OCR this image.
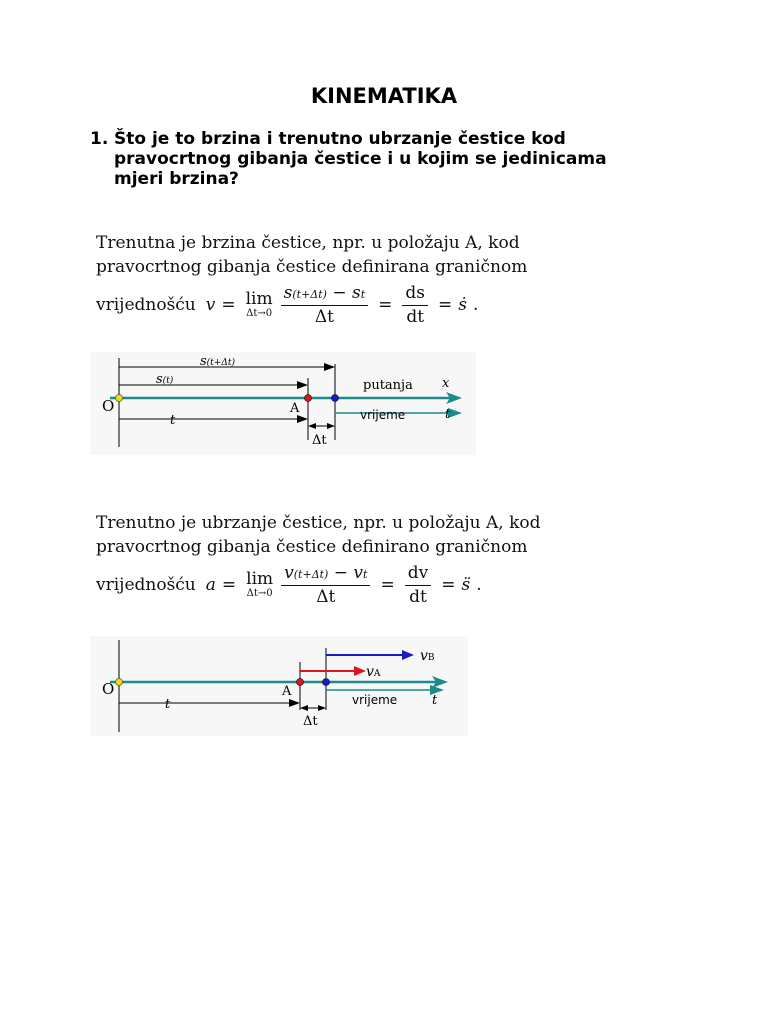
KINEMATIKA
1. Što je to brzina i trenutno ubrzanje čestice kod pravocrtnog gibanja čestice i u kojim se jedinicama mjeri brzina?
Trenutna je brzina čestice, npr. u položaju A, kod
pravocrtnog gibanja čestice definirana graničnom
vrijednošću v = lim
$\Delta t\to 0 \frac{s(t+\Delta t) - st}{\Delta t} = \frac{ds}{dt}$ = ṡ .
O	A
s(t+Δt)
s(t)	putanja x
vrijeme	t
t
Δt
Trenutno je ubrzanje čestice, npr. u položaju A, kod
pravocrtnog gibanja čestice definirano graničnom
vrijednošću a = lim
$\Delta t\to 0 \frac{v(t+\Delta t) - vt}{\Delta t} = \frac{dv}{dt}$ = s̈ .
O	A
vB
vA
vrijeme	t
t
Δt
